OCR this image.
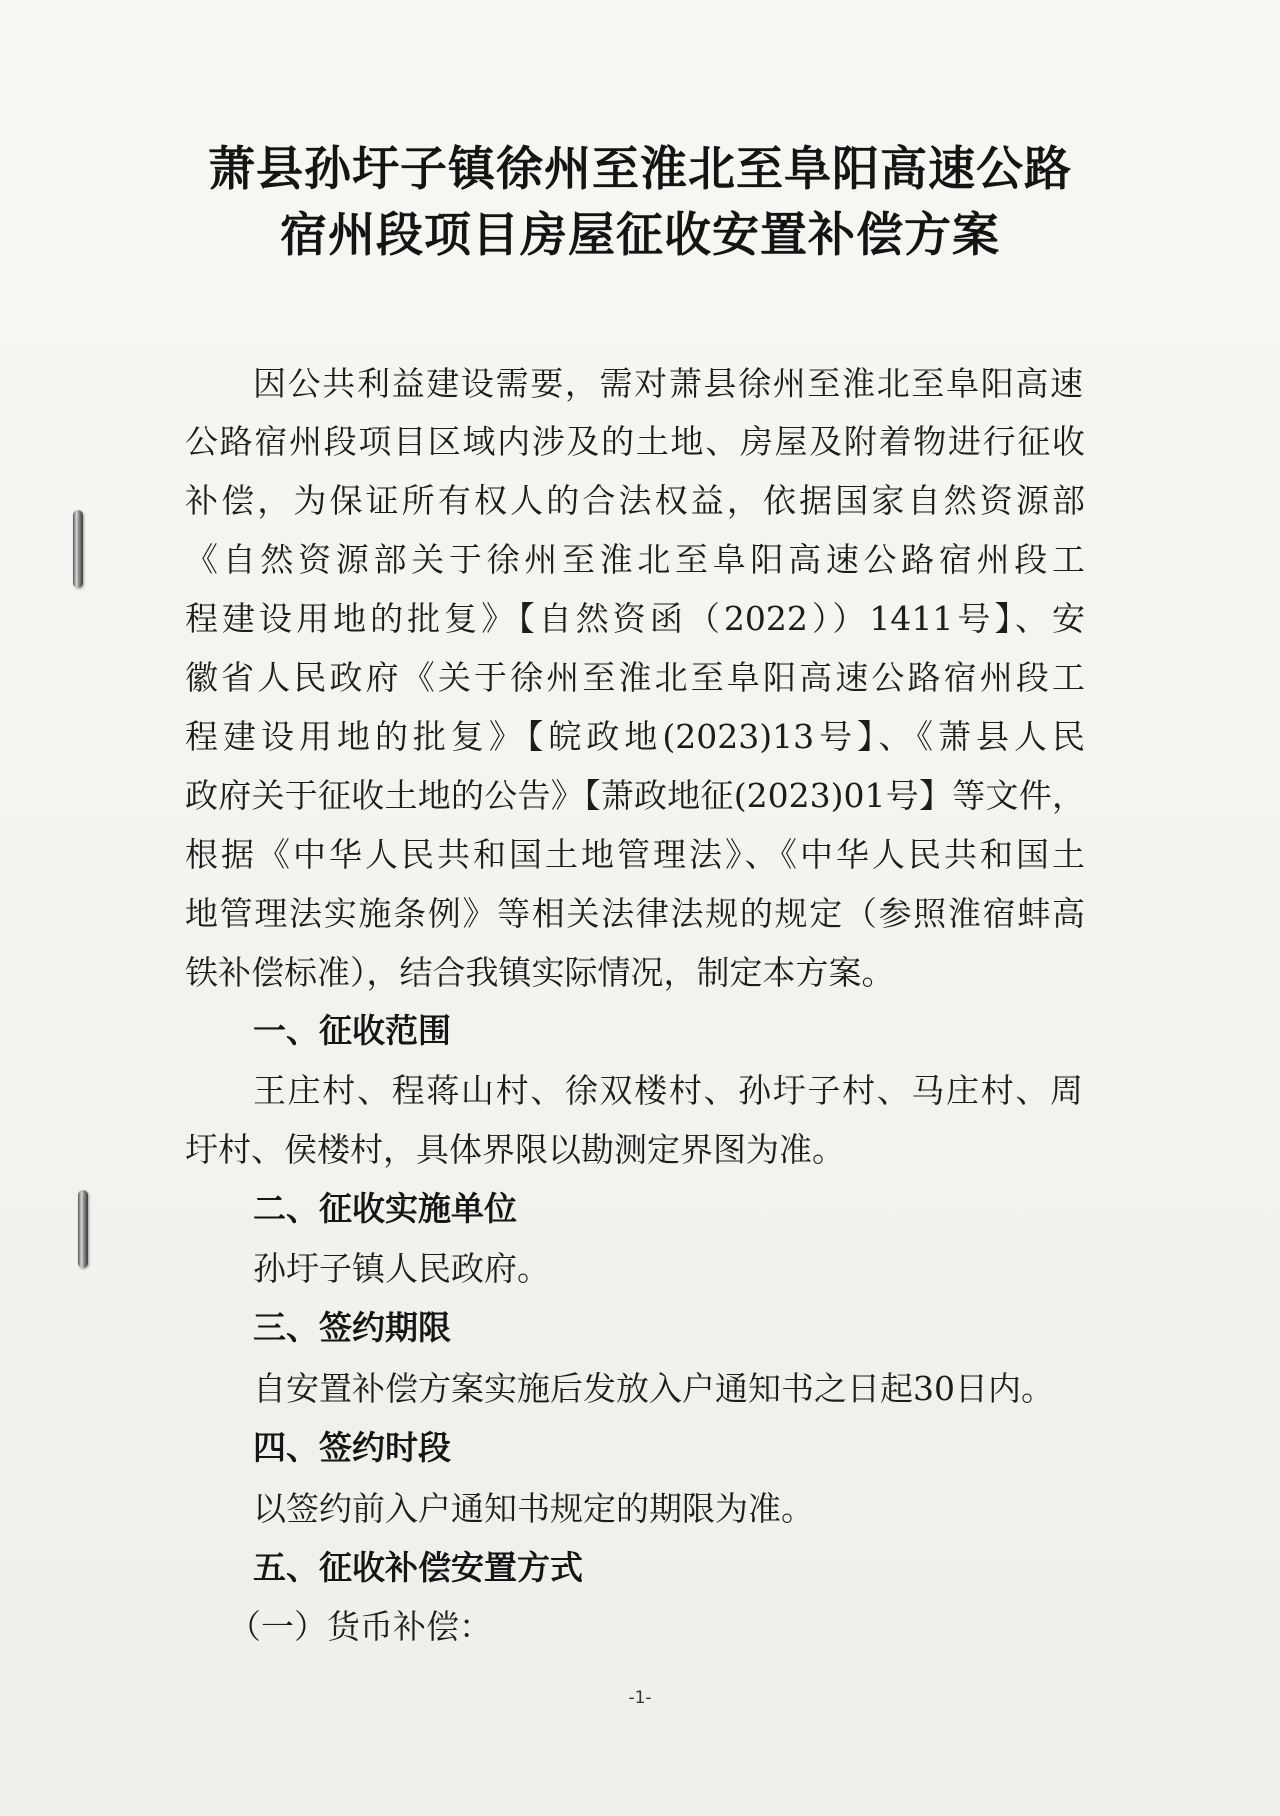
萧县孙圩子镇徐州至淮北至阜阳高速公路
宿州段项目房屋征收安置补偿方案
因公共利益建设需要，需对萧县徐州至淮北至阜阳高速
公路宿州段项目区域内涉及的土地、房屋及附着物进行征收
补偿，为保证所有权人的合法权益，依据国家自然资源部
《自然资源部关于徐州至淮北至阜阳高速公路宿州段工
程建设用地的批复》【自然资函（2022））1411号】、安
徽省人民政府《关于徐州至淮北至阜阳高速公路宿州段工
程建设用地的批复》【皖政地(2023)13号】、《萧县人民
政府关于征收土地的公告》【萧政地征(2023)01号】等文件，
根据《中华人民共和国土地管理法》、《中华人民共和国土
地管理法实施条例》等相关法律法规的规定（参照淮宿蚌高
铁补偿标准），结合我镇实际情况，制定本方案。
一、征收范围
王庄村、程蒋山村、徐双楼村、孙圩子村、马庄村、周
圩村、侯楼村，具体界限以勘测定界图为准。
二、征收实施单位
孙圩子镇人民政府。
三、签约期限
自安置补偿方案实施后发放入户通知书之日起30日内。
四、签约时段
以签约前入户通知书规定的期限为准。
五、征收补偿安置方式
（一）货币补偿：
-1-
